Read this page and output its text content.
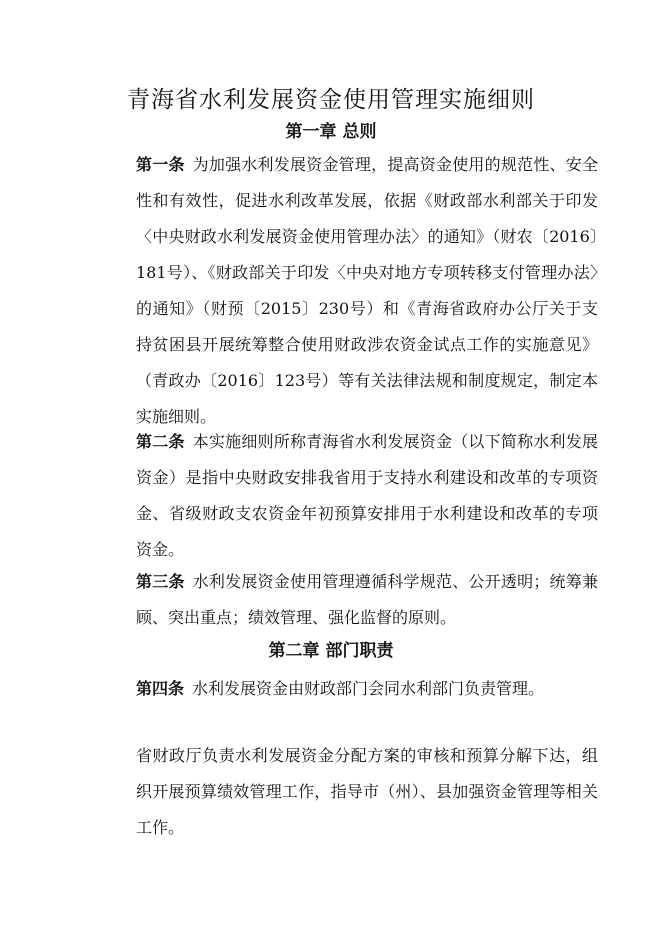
青海省水利发展资金使用管理实施细则
第一章 总则

第一条 为加强水利发展资金管理，提高资金使用的规范性、安全性和有效性，促进水利改革发展，依据《财政部水利部关于印发〈中央财政水利发展资金使用管理办法〉的通知》（财农〔2016〕181号）、《财政部关于印发〈中央对地方专项转移支付管理办法〉的通知》（财预〔2015〕230号）和《青海省政府办公厅关于支持贫困县开展统筹整合使用财政涉农资金试点工作的实施意见》（青政办〔2016〕123号）等有关法律法规和制度规定，制定本实施细则。

第二条 本实施细则所称青海省水利发展资金（以下简称水利发展资金）是指中央财政安排我省用于支持水利建设和改革的专项资金、省级财政支农资金年初预算安排用于水利建设和改革的专项资金。

第三条 水利发展资金使用管理遵循科学规范、公开透明；统筹兼顾、突出重点；绩效管理、强化监督的原则。

第二章 部门职责

第四条 水利发展资金由财政部门会同水利部门负责管理。

省财政厅负责水利发展资金分配方案的审核和预算分解下达，组织开展预算绩效管理工作，指导市（州）、县加强资金管理等相关工作。
